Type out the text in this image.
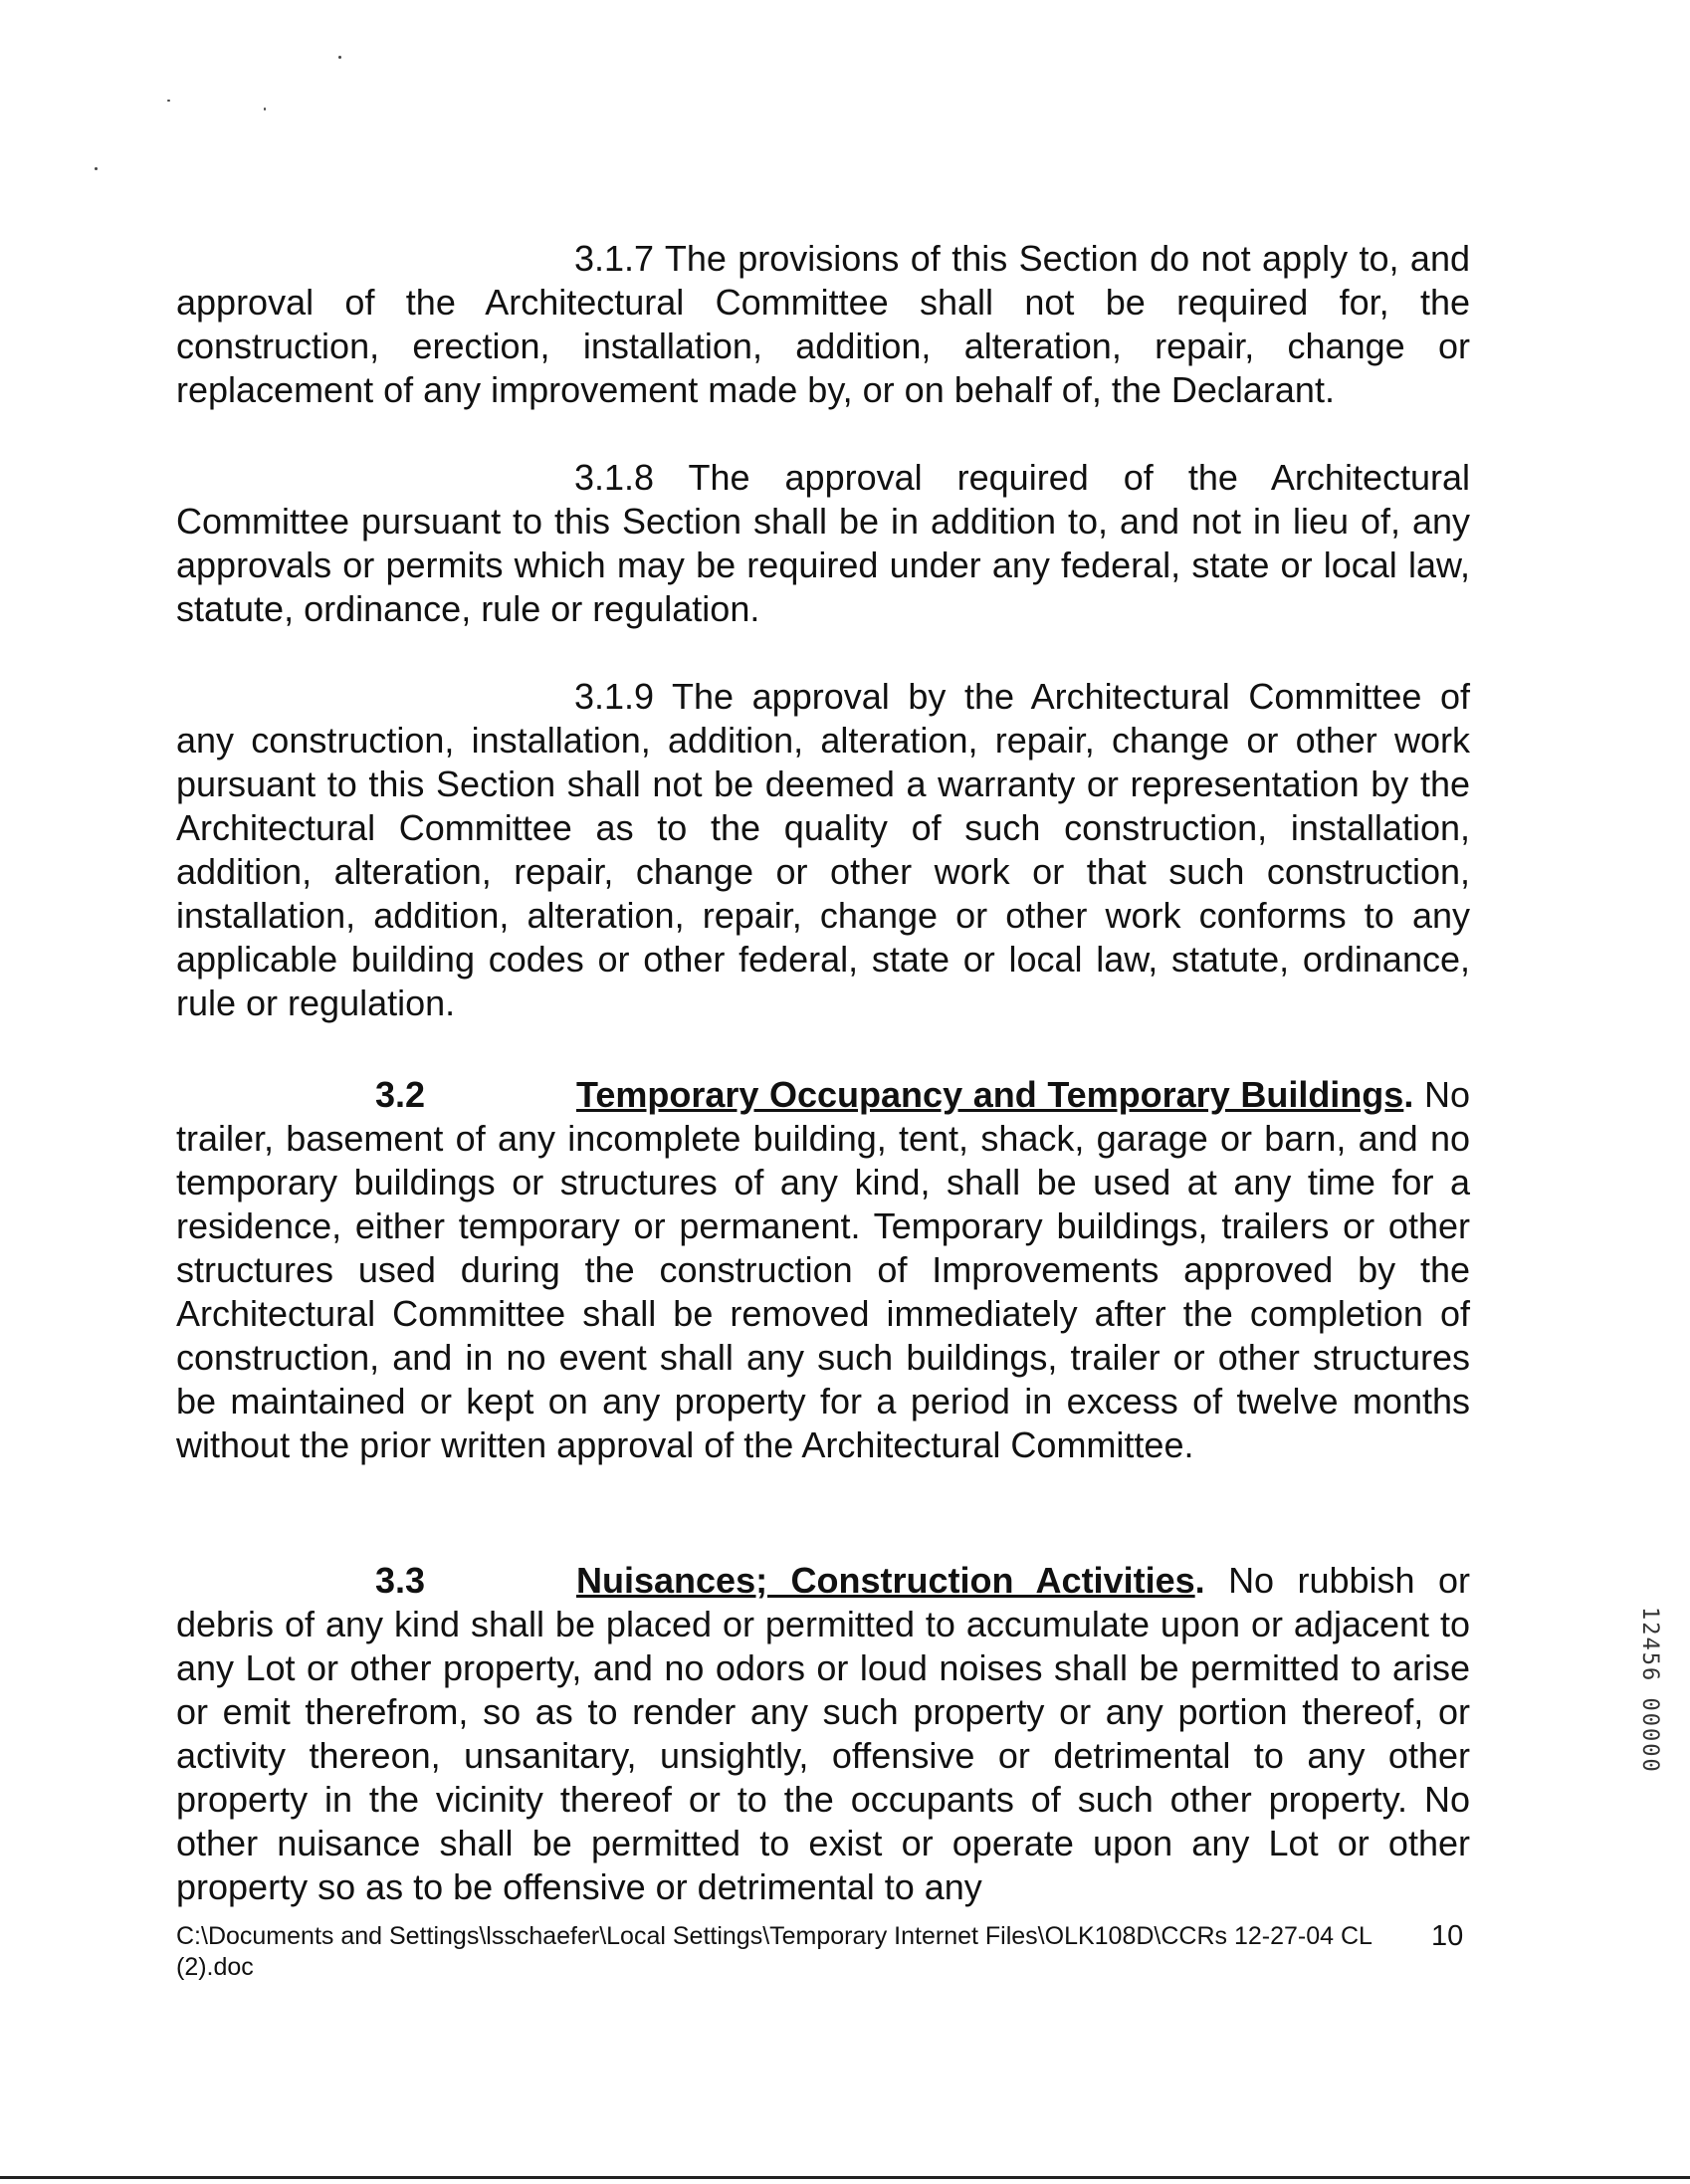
3.1.7 The provisions of this Section do not apply to, and approval of the Architectural Committee shall not be required for, the construction, erection, installation, addition, alteration, repair, change or replacement of any improvement made by, or on behalf of, the Declarant.
3.1.8 The approval required of the Architectural Committee pursuant to this Section shall be in addition to, and not in lieu of, any approvals or permits which may be required under any federal, state or local law, statute, ordinance, rule or regulation.
3.1.9 The approval by the Architectural Committee of any construction, installation, addition, alteration, repair, change or other work pursuant to this Section shall not be deemed a warranty or representation by the Architectural Committee as to the quality of such construction, installation, addition, alteration, repair, change or other work or that such construction, installation, addition, alteration, repair, change or other work conforms to any applicable building codes or other federal, state or local law, statute, ordinance, rule or regulation.
3.2	Temporary Occupancy and Temporary Buildings. No trailer, basement of any incomplete building, tent, shack, garage or barn, and no temporary buildings or structures of any kind, shall be used at any time for a residence, either temporary or permanent. Temporary buildings, trailers or other structures used during the construction of Improvements approved by the Architectural Committee shall be removed immediately after the completion of construction, and in no event shall any such buildings, trailer or other structures be maintained or kept on any property for a period in excess of twelve months without the prior written approval of the Architectural Committee.
3.3	Nuisances; Construction Activities. No rubbish or debris of any kind shall be placed or permitted to accumulate upon or adjacent to any Lot or other property, and no odors or loud noises shall be permitted to arise or emit therefrom, so as to render any such property or any portion thereof, or activity thereon, unsanitary, unsightly, offensive or detrimental to any other property in the vicinity thereof or to the occupants of such other property. No other nuisance shall be permitted to exist or operate upon any Lot or other property so as to be offensive or detrimental to any
C:\Documents and Settings\lsschaefer\Local Settings\Temporary Internet Files\OLK108D\CCRs 12-27-04 CL (2).doc
10
12456 00000
